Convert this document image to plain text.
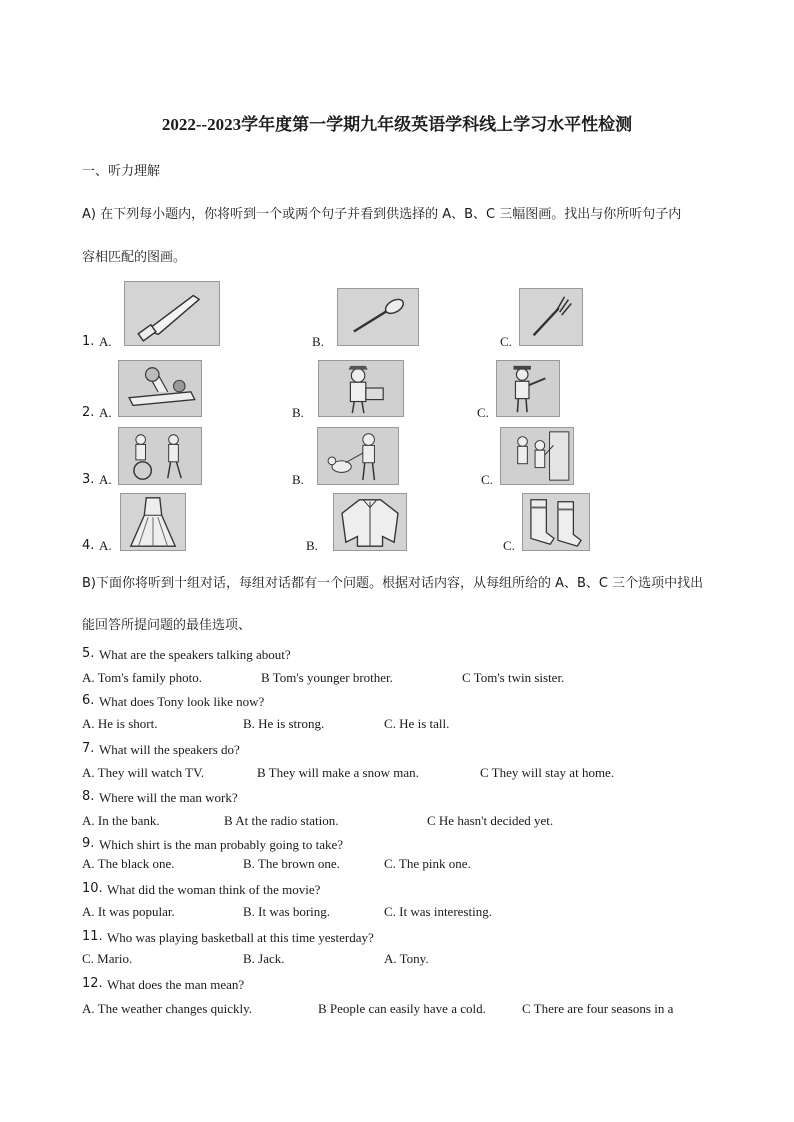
2022--2023学年度第一学期九年级英语学科线上学习水平性检测
一、听力理解
A) 在下列每小题内，你将听到一个或两个句子并看到供选择的 A、B、C 三幅图画。找出与你所听句子内
容相匹配的图画。
1. A.	B.	C.
2. A.	B.	C.
3. A.	B.	C.
4. A.	B.	C.
B)下面你将听到十组对话，每组对话都有一个问题。根据对话内容，从每组所给的 A、B、C 三个选项中找出
能回答所提问题的最佳选项、
5. What are the speakers talking about?
A. Tom's family photo.	B Tom's younger brother.	C Tom's twin sister.
6. What does Tony look like now?
A. He is short.	B. He is strong.	C. He is tall.
7. What will the speakers do?
A. They will watch TV.	B They will make a snow man.	C They will stay at home.
8. Where will the man work?
A. In the bank.	B At the radio station.	C He hasn't decided yet.
9. Which shirt is the man probably going to take?
A. The black one.	B. The brown one.	C. The pink one.
10. What did the woman think of the movie?
A. It was popular.	B. It was boring.	C. It was interesting.
11. Who was playing basketball at this time yesterday?
C. Mario.	B. Jack.	A. Tony.
12. What does the man mean?
A. The weather changes quickly.	B People can easily have a cold.	C There are four seasons in a
